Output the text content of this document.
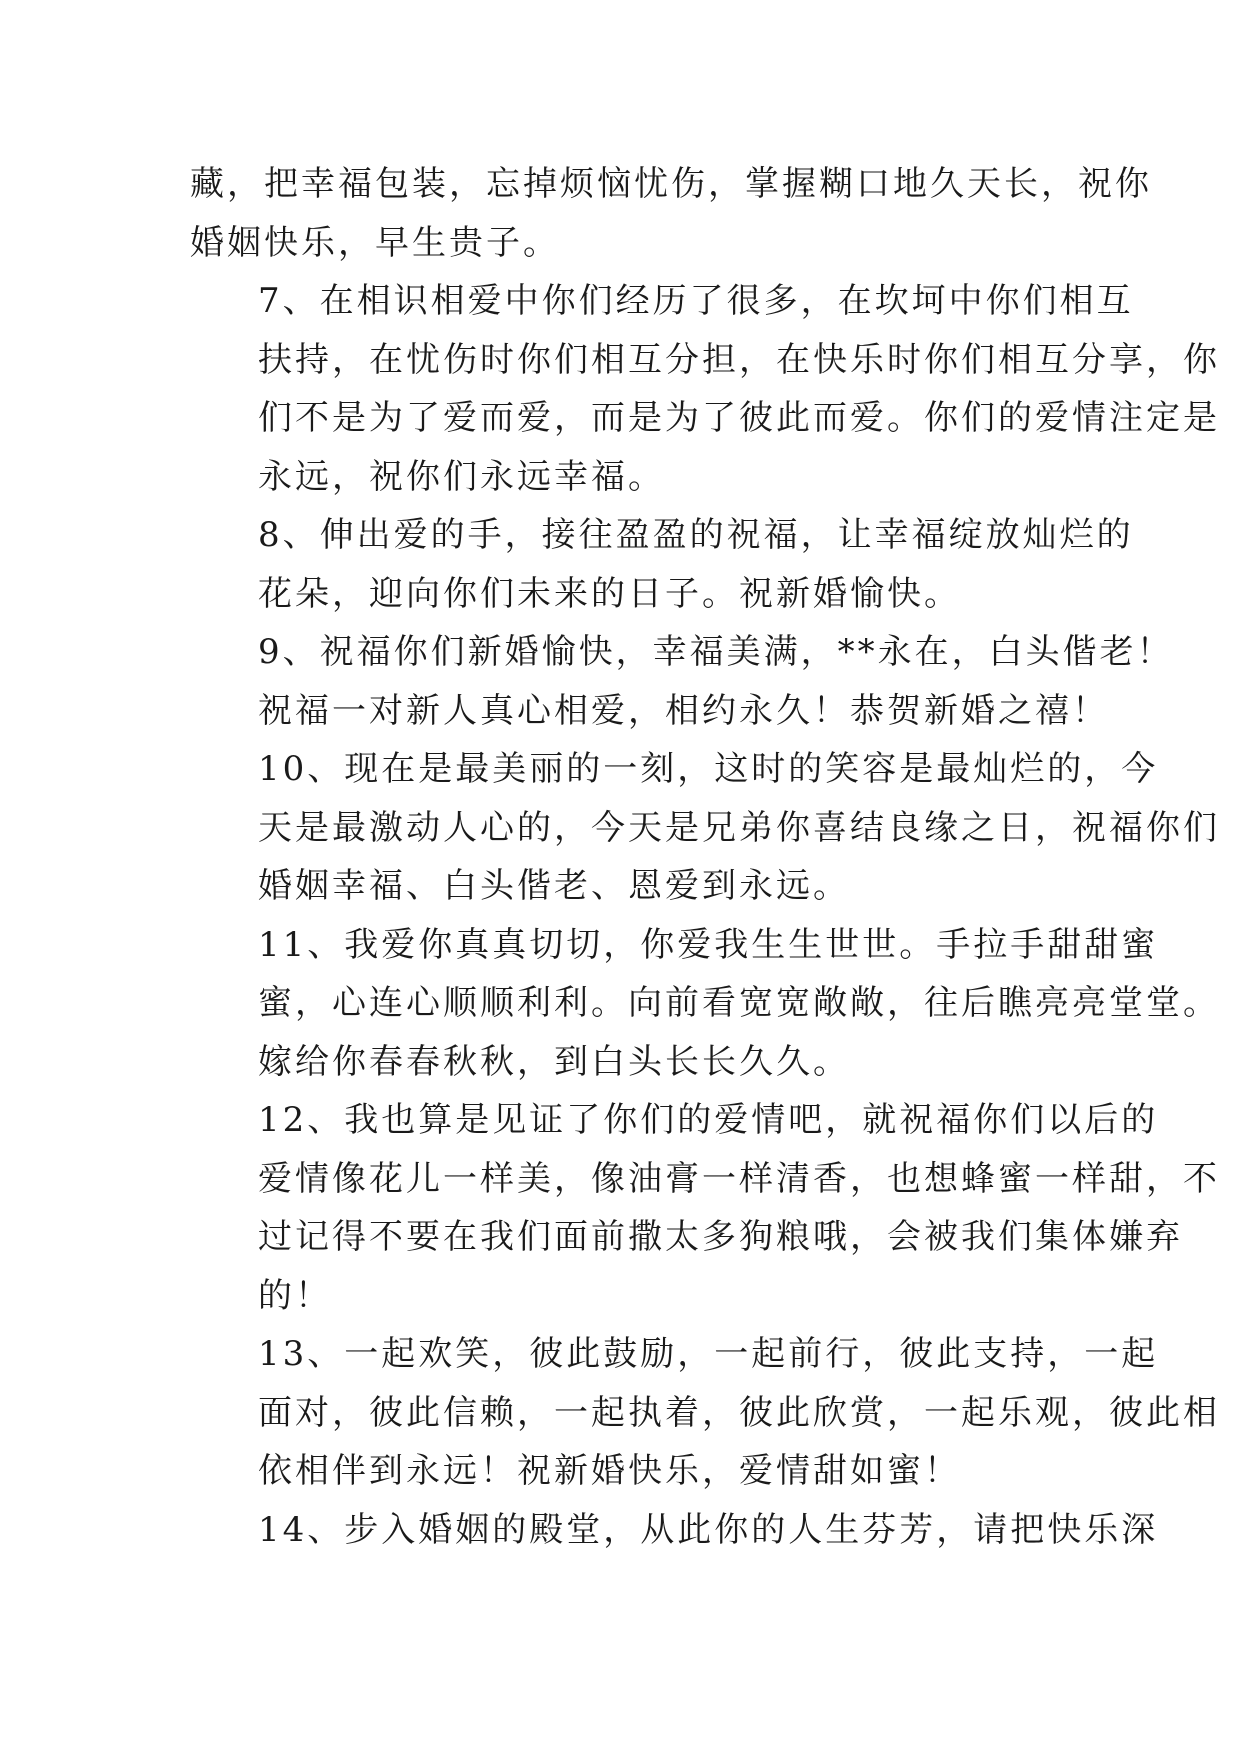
藏，把幸福包装，忘掉烦恼忧伤，掌握糊口地久天长，祝你
婚姻快乐，早生贵子。
7、在相识相爱中你们经历了很多，在坎坷中你们相互
扶持，在忧伤时你们相互分担，在快乐时你们相互分享，你
们不是为了爱而爱，而是为了彼此而爱。你们的爱情注定是
永远，祝你们永远幸福。
8、伸出爱的手，接往盈盈的祝福，让幸福绽放灿烂的
花朵，迎向你们未来的日子。祝新婚愉快。
9、祝福你们新婚愉快，幸福美满，**永在，白头偕老！
祝福一对新人真心相爱，相约永久！恭贺新婚之禧！
10、现在是最美丽的一刻，这时的笑容是最灿烂的，今
天是最激动人心的，今天是兄弟你喜结良缘之日，祝福你们
婚姻幸福、白头偕老、恩爱到永远。
11、我爱你真真切切，你爱我生生世世。手拉手甜甜蜜
蜜，心连心顺顺利利。向前看宽宽敞敞，往后瞧亮亮堂堂。
嫁给你春春秋秋，到白头长长久久。
12、我也算是见证了你们的爱情吧，就祝福你们以后的
爱情像花儿一样美，像油膏一样清香，也想蜂蜜一样甜，不
过记得不要在我们面前撒太多狗粮哦，会被我们集体嫌弃
的！
13、一起欢笑，彼此鼓励，一起前行，彼此支持，一起
面对，彼此信赖，一起执着，彼此欣赏，一起乐观，彼此相
依相伴到永远！祝新婚快乐，爱情甜如蜜！
14、步入婚姻的殿堂，从此你的人生芬芳，请把快乐深
